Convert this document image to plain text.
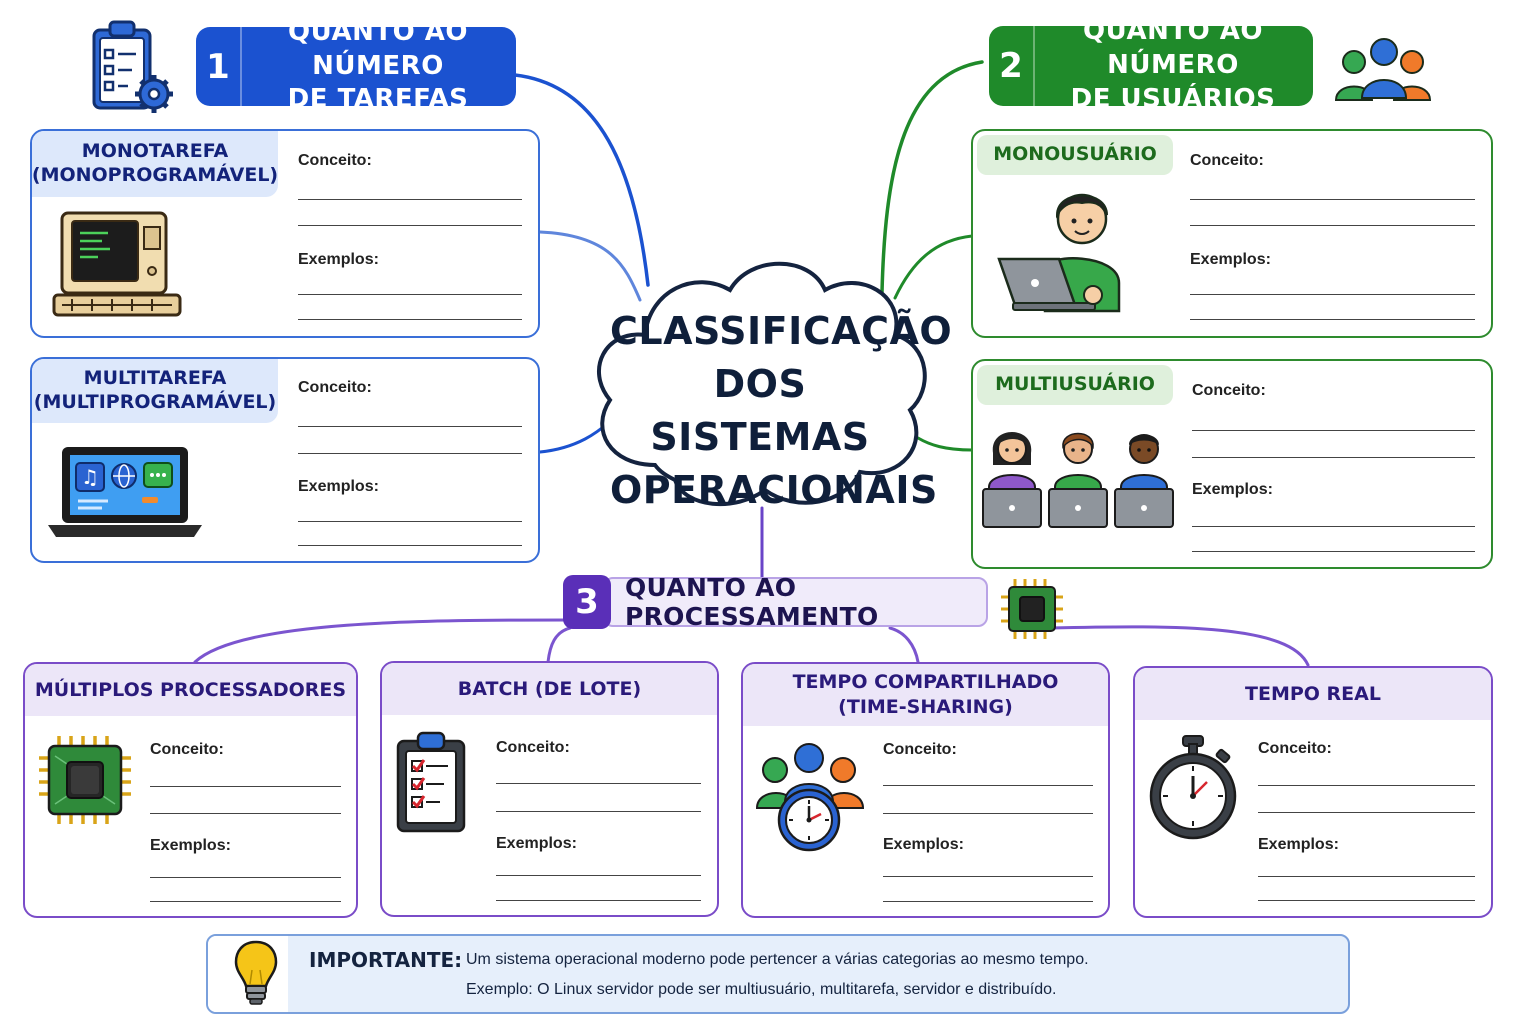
CLASSIFICAÇÃO
DOS SISTEMAS
OPERACIONAIS
1
QUANTO AO NÚMERO
DE TAREFAS
MONOTAREFA
(MONOPROGRAMÁVEL)
Conceito:
Exemplos:
MULTITAREFA
(MULTIPROGRAMÁVEL)
♫
Conceito:
Exemplos:
2
QUANTO AO NÚMERO
DE USUÁRIOS
MONOUSUÁRIO	Conceito:
Exemplos:
MULTIUSUÁRIO	Conceito:
Exemplos:
3	QUANTO AO PROCESSAMENTO
MÚLTIPLOS PROCESSADORES
Conceito:
Exemplos:
BATCH (DE LOTE)
Conceito:
Exemplos:
TEMPO COMPARTILHADO
(TIME-SHARING)
Conceito:
Exemplos:
TEMPO REAL
Conceito:
Exemplos:
IMPORTANTE: Um sistema operacional moderno pode pertencer a várias categorias ao mesmo tempo.
Exemplo: O Linux servidor pode ser multiusuário, multitarefa, servidor e distribuído.
